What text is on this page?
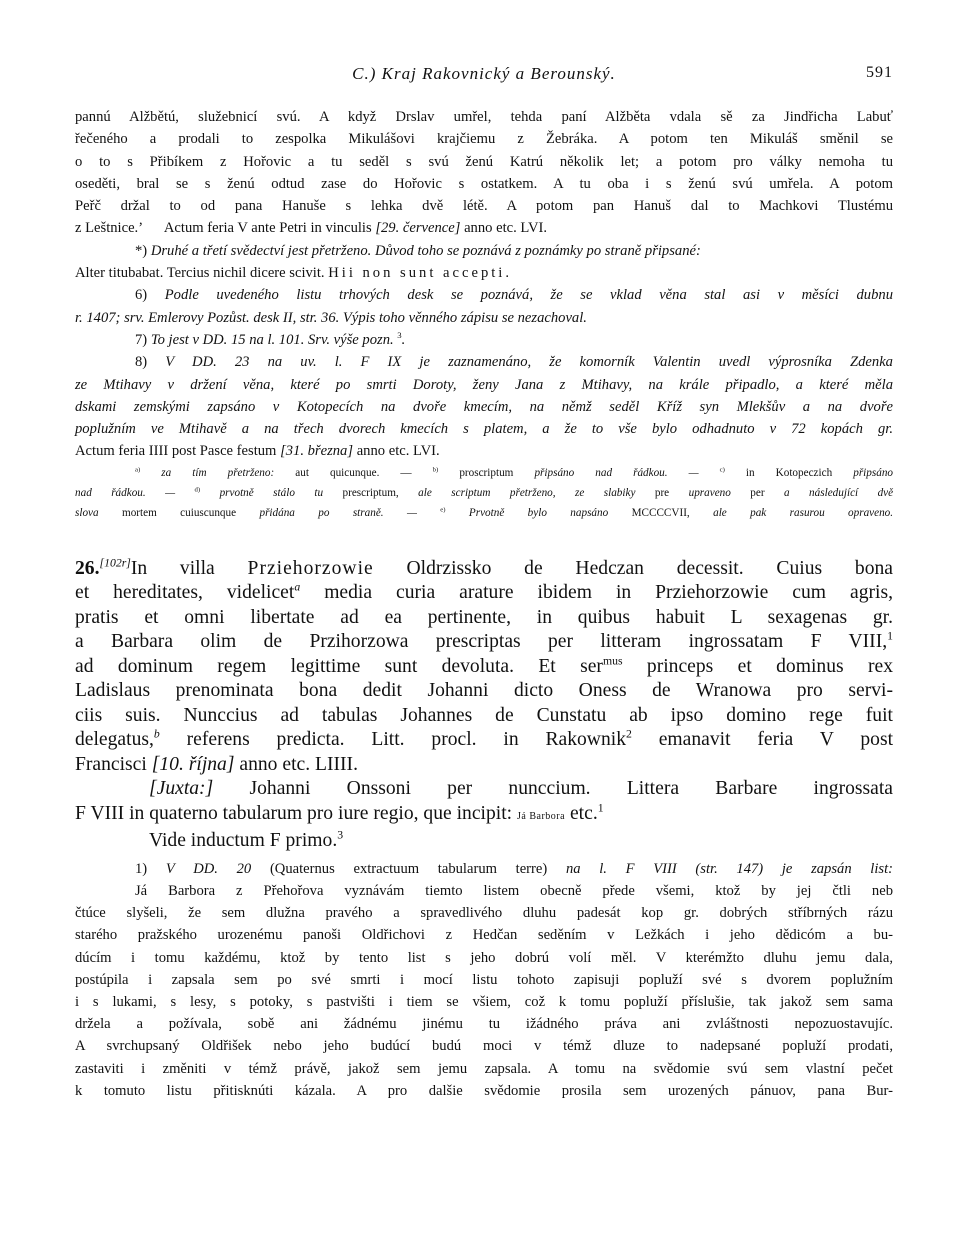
C.) Kraj Rakovnický a Berounský.	591

pannú Alžbětú, služebnicí svú. A když Drslav umřel, tehda paní Alžběta vdala sě za Jindřicha Labuť

řečeného a prodali to zespolka Mikulášovi krajčiemu z Žebráka. A potom ten Mikuláš směnil se

o to s Přibíkem z Hořovic a tu seděl s svú ženú Katrú několik let; a potom pro války nemoha tu

oseděti, bral se s ženú odtud zase do Hořovic s ostatkem. A tu oba i s ženú svú umřela. A potom

Peřč držal to od pana Hanuše s lehka dvě létě. A potom pan Hanuš dal to Machkovi Tlustému

z Leštnice.’ Actum feria V ante Petri in vinculis [29. července] anno etc. LVI.

*) Druhé a třetí svědectví jest přetrženo. Důvod toho se poznává z poznámky po straně připsané:

Alter titubabat. Tercius nichil dicere scivit. Hii non sunt accepti.

6) Podle uvedeného listu trhových desk se poznává, že se vklad věna stal asi v měsíci dubnu

r. 1407; srv. Emlerovy Pozůst. desk II, str. 36. Výpis toho věnného zápisu se nezachoval.

7) To jest v DD. 15 na l. 101. Srv. výše pozn. $^3$.

8) V DD. 23 na uv. l. F IX je zaznamenáno, že komorník Valentin uvedl výprosníka Zdenka

ze Mtihavy v držení věna, které po smrti Doroty, ženy Jana z Mtihavy, na krále připadlo, a které měla

dskami zemskými zapsáno v Kotopecích na dvoře kmecím, na němž seděl Kříž syn Mlekšův a na dvoře

poplužním ve Mtihavě a na třech dvorech kmecích s platem, a že to vše bylo odhadnuto v 72 kopách gr.

Actum feria IIII post Pasce festum [31. března] anno etc. LVI.

$^{a)}$ za tím přetrženo: aut quicunque. —	$^{b)}$ proscriptum připsáno nad řádkou. —	$^{c)}$ in Kotopeczich připsáno

nad řádkou. —	$^{d)}$ prvotně stálo tu prescriptum, ale scriptum přetrženo, ze slabiky pre upraveno per a následující dvě

slova mortem cuiuscunque přidána po straně. —	$^{e)}$ Prvotně bylo napsáno MCCCCVII, ale pak rasurou opraveno.

26.[102r]In villa Prziehorzowie Oldrzissko de Hedczan decessit. Cuius bona

et hereditates, videlicet$^a$ media curia arature ibidem in Prziehorzowie cum agris,

pratis et omni libertate ad ea pertinente, in quibus habuit L sexagenas gr.

a Barbara olim de Przihorzowa prescriptas per litteram ingrossatam F VIII,$^1$

ad dominum regem legittime sunt devoluta. Et ser$^{mus}$ princeps et dominus rex

Ladislaus prenominata bona dedit Johanni dicto Oness de Wranowa pro servi-

ciis suis. Nunccius ad tabulas Johannes de Cunstatu ab ipso domino rege fuit

delegatus,$^b$ referens predicta. Litt. procl. in Rakownik$^2$ emanavit feria V post

Francisci [10. října] anno etc. LIIII.

[Juxta:] Johanni Onssoni per nunccium. Littera Barbare ingrossata

F VIII in quaterno tabularum pro iure regio, que incipit: Já Barbora etc.$^1$

Vide inductum F primo.$^3$

1) V DD. 20 (Quaternus extractuum tabularum terre) na l. F VIII (str. 147) je zapsán list:

Já Barbora z Přehořova vyznávám tiemto listem obecně přede všemi, ktož by jej čtli neb

čtúce slyšeli, že sem dlužna pravého a spravedlivého dluhu padesát kop gr. dobrých stříbrných rázu

starého pražského urozenému panoši Oldřichovi z Hedčan seděním v Ležkách i jeho dědicóm a bu-

dúcím i tomu každému, ktož by tento list s jeho dobrú volí měl. V kterémžto dluhu jemu dala,

postúpila i zapsala sem po své smrti i mocí listu tohoto zapisuji popluží své s dvorem poplužním

i s lukami, s lesy, s potoky, s pastvišti i tiem se všiem, což k tomu popluží příslušie, tak jakož sem sama

držela a požívala, sobě ani žádnému jinému tu ižádného práva ani zvláštnosti nepozuostavujíc.

A svrchupsaný Oldřišek nebo jeho budúcí budú moci v témž dluze to nadepsané popluží prodati,

zastaviti i změniti v témž právě, jakož sem jemu zapsala. A tomu na svědomie svú sem vlastní pečet

k tomuto listu přitisknúti kázala. A pro dalšie svědomie prosila sem urozených pánuov, pana Bur-
